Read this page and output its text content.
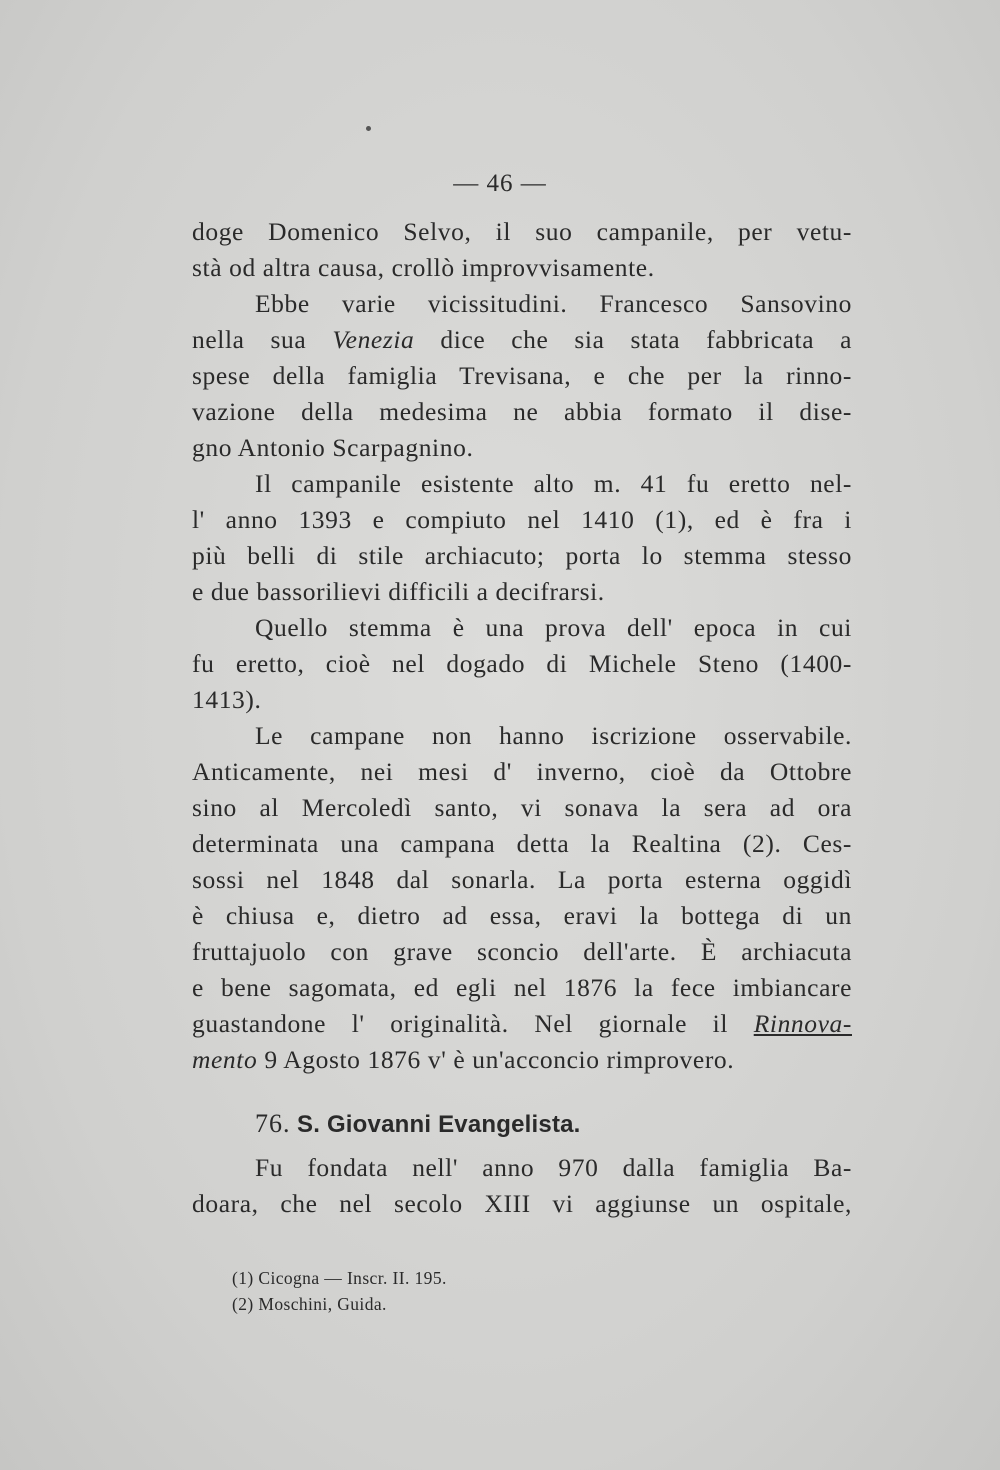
— 46 —
doge Domenico Selvo, il suo campanile, per vetu-
stà od altra causa, crollò improvvisamente.
Ebbe varie vicissitudini. Francesco Sansovino
nella sua Venezia dice che sia stata fabbricata a
spese della famiglia Trevisana, e che per la rinno-
vazione della medesima ne abbia formato il dise-
gno Antonio Scarpagnino.
Il campanile esistente alto m. 41 fu eretto nel-
l' anno 1393 e compiuto nel 1410 (1), ed è fra i
più belli di stile archiacuto; porta lo stemma stesso
e due bassorilievi difficili a decifrarsi.
Quello stemma è una prova dell' epoca in cui
fu eretto, cioè nel dogado di Michele Steno (1400-
1413).
Le campane non hanno iscrizione osservabile.
Anticamente, nei mesi d' inverno, cioè da Ottobre
sino al Mercoledì santo, vi sonava la sera ad ora
determinata una campana detta la Realtina (2). Ces-
sossi nel 1848 dal sonarla. La porta esterna oggidì
è chiusa e, dietro ad essa, eravi la bottega di un
fruttajuolo con grave sconcio dell'arte. È archiacuta
e bene sagomata, ed egli nel 1876 la fece imbiancare
guastandone l' originalità. Nel giornale il Rinnova-
mento 9 Agosto 1876 v' è un'acconcio rimprovero.
76. S. Giovanni Evangelista.
Fu fondata nell' anno 970 dalla famiglia Ba-
doara, che nel secolo XIII vi aggiunse un ospitale,
(1) Cicogna — Inscr. II. 195.
(2) Moschini, Guida.
